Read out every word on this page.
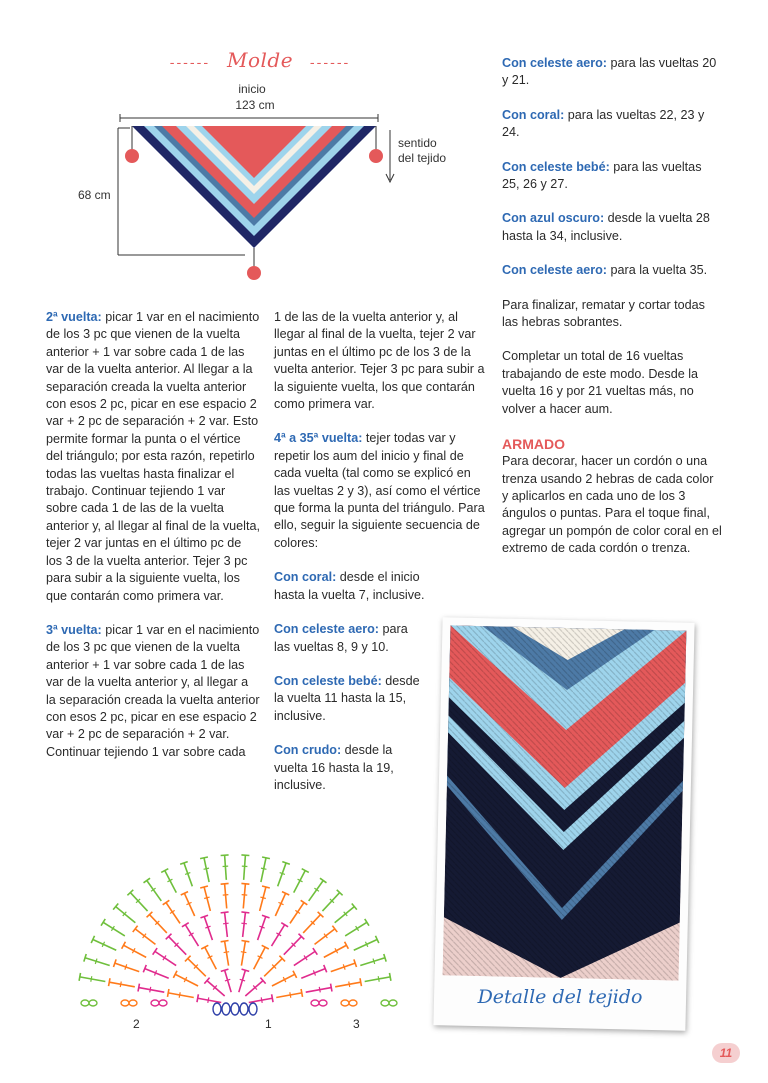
------ Molde ------
inicio
123 cm
68 cm
sentido
del tejido

2ª vuelta: picar 1 var en el nacimiento de los 3 pc que vienen de la vuelta anterior + 1 var sobre cada 1 de las var de la vuelta anterior. Al llegar a la separación creada la vuelta anterior con esos 2 pc, picar en ese espacio 2 var + 2 pc de separación + 2 var. Esto permite formar la punta o el vértice del triángulo; por esta razón, repetirlo todas las vueltas hasta finalizar el trabajo. Continuar tejiendo 1 var sobre cada 1 de las de la vuelta anterior y, al llegar al final de la vuelta, tejer 2 var juntas en el último pc de los 3 de la vuelta anterior. Tejer 3 pc para subir a la siguiente vuelta, los que contarán como primera var.

3ª vuelta: picar 1 var en el nacimiento de los 3 pc que vienen de la vuelta anterior + 1 var sobre cada 1 de las var de la vuelta anterior y, al llegar a la separación creada la vuelta anterior con esos 2 pc, picar en ese espacio 2 var + 2 pc de separación + 2 var. Continuar tejiendo 1 var sobre cada

1 de las de la vuelta anterior y, al llegar al final de la vuelta, tejer 2 var juntas en el último pc de los 3 de la vuelta anterior. Tejer 3 pc para subir a la siguiente vuelta, los que contarán como primera var.

4ª a 35ª vuelta: tejer todas var y repetir los aum del inicio y final de cada vuelta (tal como se explicó en las vueltas 2 y 3), así como el vértice que forma la punta del triángulo. Para ello, seguir la siguiente secuencia de colores:

Con coral: desde el inicio hasta la vuelta 7, inclusive.

Con celeste aero: para las vueltas 8, 9 y 10.

Con celeste bebé: desde la vuelta 11 hasta la 15, inclusive.

Con crudo: desde la vuelta 16 hasta la 19, inclusive.

Con celeste aero: para las vueltas 20 y 21.

Con coral: para las vueltas 22, 23 y 24.

Con celeste bebé: para las vueltas 25, 26 y 27.

Con azul oscuro: desde la vuelta 28 hasta la 34, inclusive.

Con celeste aero: para la vuelta 35.

Para finalizar, rematar y cortar todas las hebras sobrantes.

Completar un total de 16 vueltas trabajando de este modo. Desde la vuelta 16 y por 21 vueltas más, no volver a hacer aum.

ARMADO

Para decorar, hacer un cordón o una trenza usando 2 hebras de cada color y aplicarlos en cada uno de los 3 ángulos o puntas. Para el toque final, agregar un pompón de color coral en el extremo de cada cordón o trenza.

2	1	3
Detalle del tejido
11
